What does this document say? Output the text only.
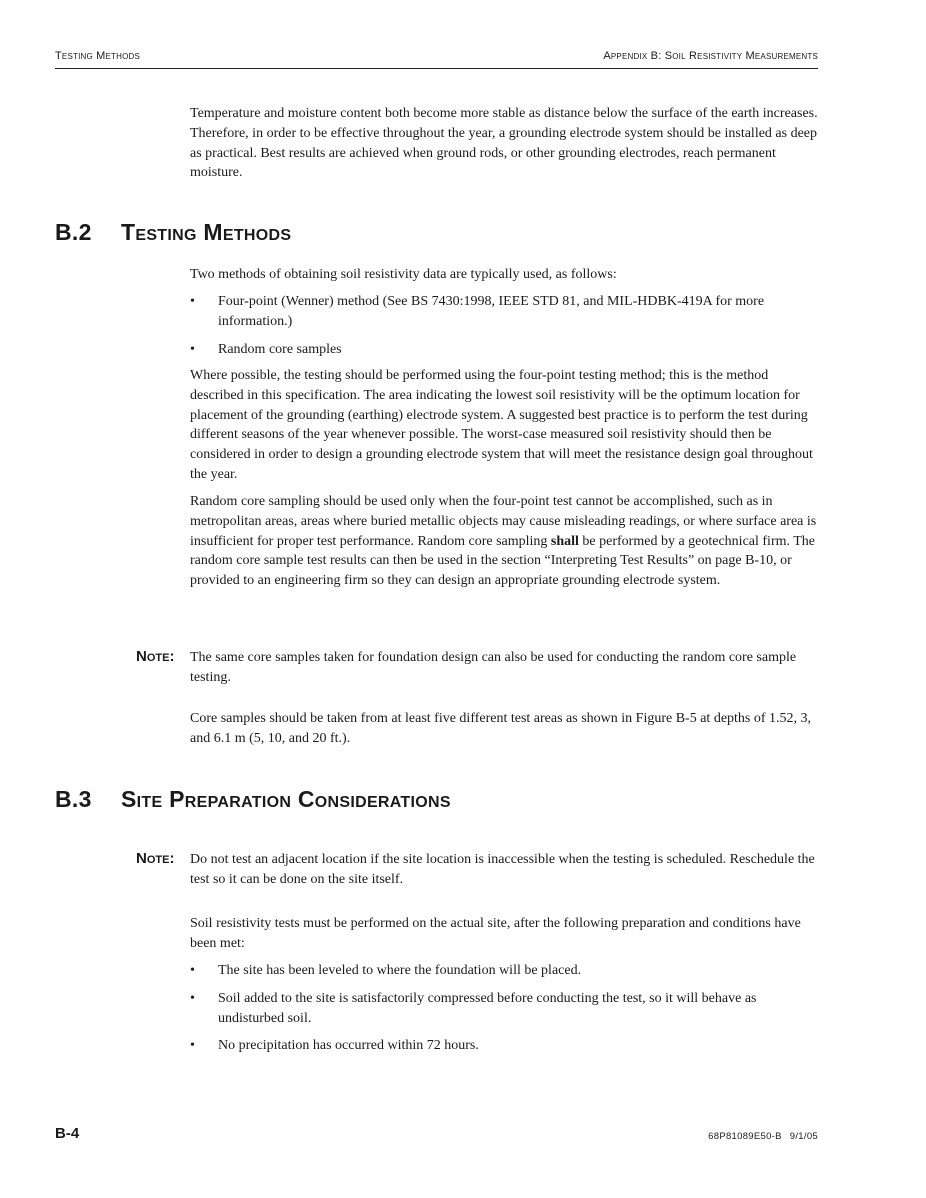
Testing Methods	Appendix B: Soil Resistivity Measurements

Temperature and moisture content both become more stable as distance below the surface of the earth increases. Therefore, in order to be effective throughout the year, a grounding electrode system should be installed as deep as practical. Best results are achieved when ground rods, or other grounding electrodes, reach permanent moisture.

B.2 Testing Methods

Two methods of obtaining soil resistivity data are typically used, as follows:

•	Four-point (Wenner) method (See BS 7430:1998, IEEE STD 81, and MIL-HDBK-419A for more information.)
•	Random core samples

Where possible, the testing should be performed using the four-point testing method; this is the method described in this specification. The area indicating the lowest soil resistivity will be the optimum location for placement of the grounding (earthing) electrode system. A suggested best practice is to perform the test during different seasons of the year whenever possible. The worst-case measured soil resistivity should then be considered in order to design a grounding electrode system that will meet the resistance design goal throughout the year.

Random core sampling should be used only when the four-point test cannot be accomplished, such as in metropolitan areas, areas where buried metallic objects may cause misleading readings, or where surface area is insufficient for proper test performance. Random core sampling shall be performed by a geotechnical firm. The random core sample test results can then be used in the section “Interpreting Test Results” on page B-10, or provided to an engineering firm so they can design an appropriate grounding electrode system.

Note: The same core samples taken for foundation design can also be used for conducting the random core sample testing.

Core samples should be taken from at least five different test areas as shown in Figure B-5 at depths of 1.52, 3, and 6.1 m (5, 10, and 20 ft.).

B.3 Site Preparation Considerations
Note: Do not test an adjacent location if the site location is inaccessible when the testing is scheduled. Reschedule the test so it can be done on the site itself.

Soil resistivity tests must be performed on the actual site, after the following preparation and conditions have been met:

•	The site has been leveled to where the foundation will be placed.
•	Soil added to the site is satisfactorily compressed before conducting the test, so it will behave as undisturbed soil.
•	No precipitation has occurred within 72 hours.
B-4	68P81089E50-B 9/1/05
